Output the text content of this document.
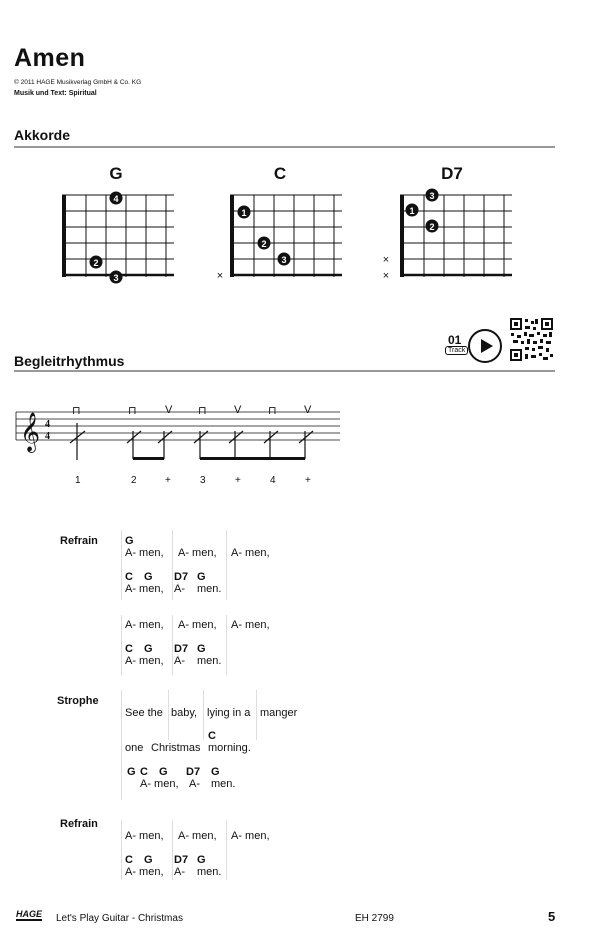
Amen
© 2011 HAGE Musikverlag GmbH & Co. KG
Musik und Text: Spiritual
Akkorde
G	C	D7
4
2
3
1
2
3
×
3
1
2
×
×
01
Track
Begleitrhythmus
𝄞 4
4
⊓	⊓	V ⊓ V ⊓ V
1	2	+	3	+	4	+
Refrain G
A- men, A- men, A- men,
C G D7 G
A- men, A- men.
A- men, A- men, A- men,
C G D7 G
A- men, A- men.
Strophe
See the baby, lying in a manger
C
one Christmas morning.
G C G D7 G
A- men, A- men.
Refrain
A- men, A- men, A- men,
C G D7 G
A- men, A- men.
HAGE Let's Play Guitar - Christmas	EH 2799	5
